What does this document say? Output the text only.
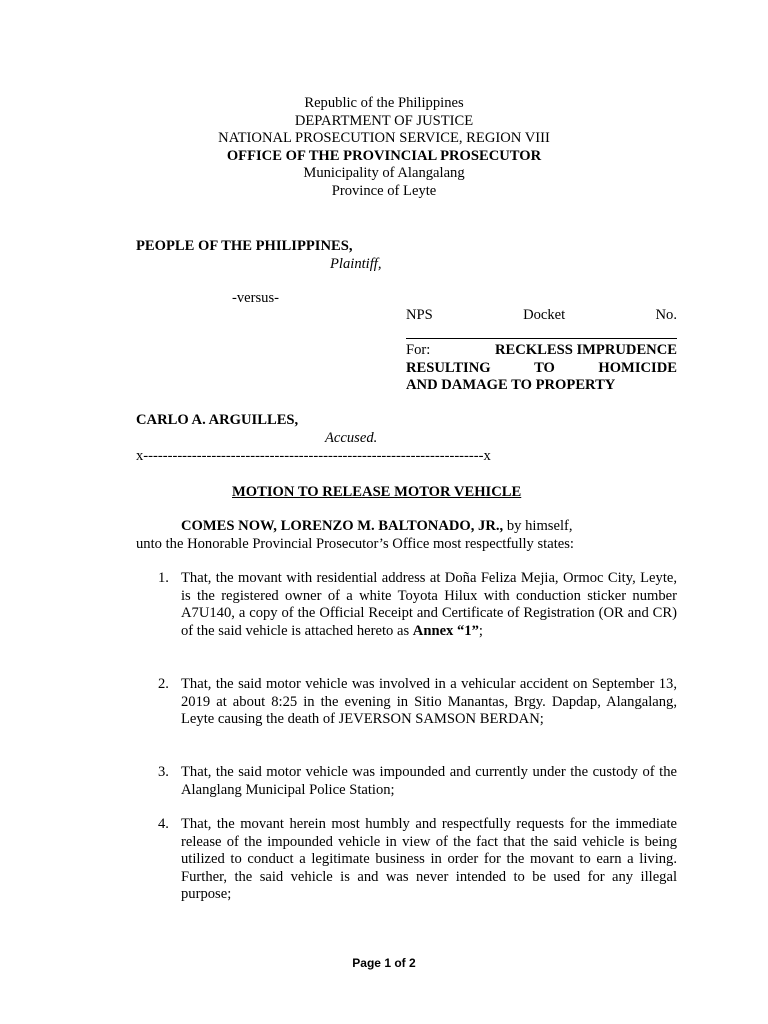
Republic of the Philippines
DEPARTMENT OF JUSTICE
NATIONAL PROSECUTION SERVICE, REGION VIII
OFFICE OF THE PROVINCIAL PROSECUTOR
Municipality of Alangalang
Province of Leyte
PEOPLE OF THE PHILIPPINES,
Plaintiff,
-versus-
NPS	Docket	No.
For:	RECKLESS IMPRUDENCE
RESULTING	TO	HOMICIDE
AND DAMAGE TO PROPERTY
CARLO A. ARGUILLES,
Accused.
x----------------------------------------------------------------------x
MOTION TO RELEASE MOTOR VEHICLE
COMES NOW, LORENZO M. BALTONADO, JR., by himself,
unto the Honorable Provincial Prosecutor’s Office most respectfully states:
1. That, the movant with residential address at Doña Feliza Mejia, Ormoc City, Leyte, is the registered owner of a white Toyota Hilux with conduction sticker number A7U140, a copy of the Official Receipt and Certificate of Registration (OR and CR) of the said vehicle is attached hereto as Annex “1”;
2. That, the said motor vehicle was involved in a vehicular accident on September 13, 2019 at about 8:25 in the evening in Sitio Manantas, Brgy. Dapdap, Alangalang, Leyte causing the death of JEVERSON SAMSON BERDAN;
3. That, the said motor vehicle was impounded and currently under the custody of the Alanglang Municipal Police Station;
4. That, the movant herein most humbly and respectfully requests for the immediate release of the impounded vehicle in view of the fact that the said vehicle is being utilized to conduct a legitimate business in order for the movant to earn a living. Further, the said vehicle is and was never intended to be used for any illegal purpose;
Page 1 of 2
